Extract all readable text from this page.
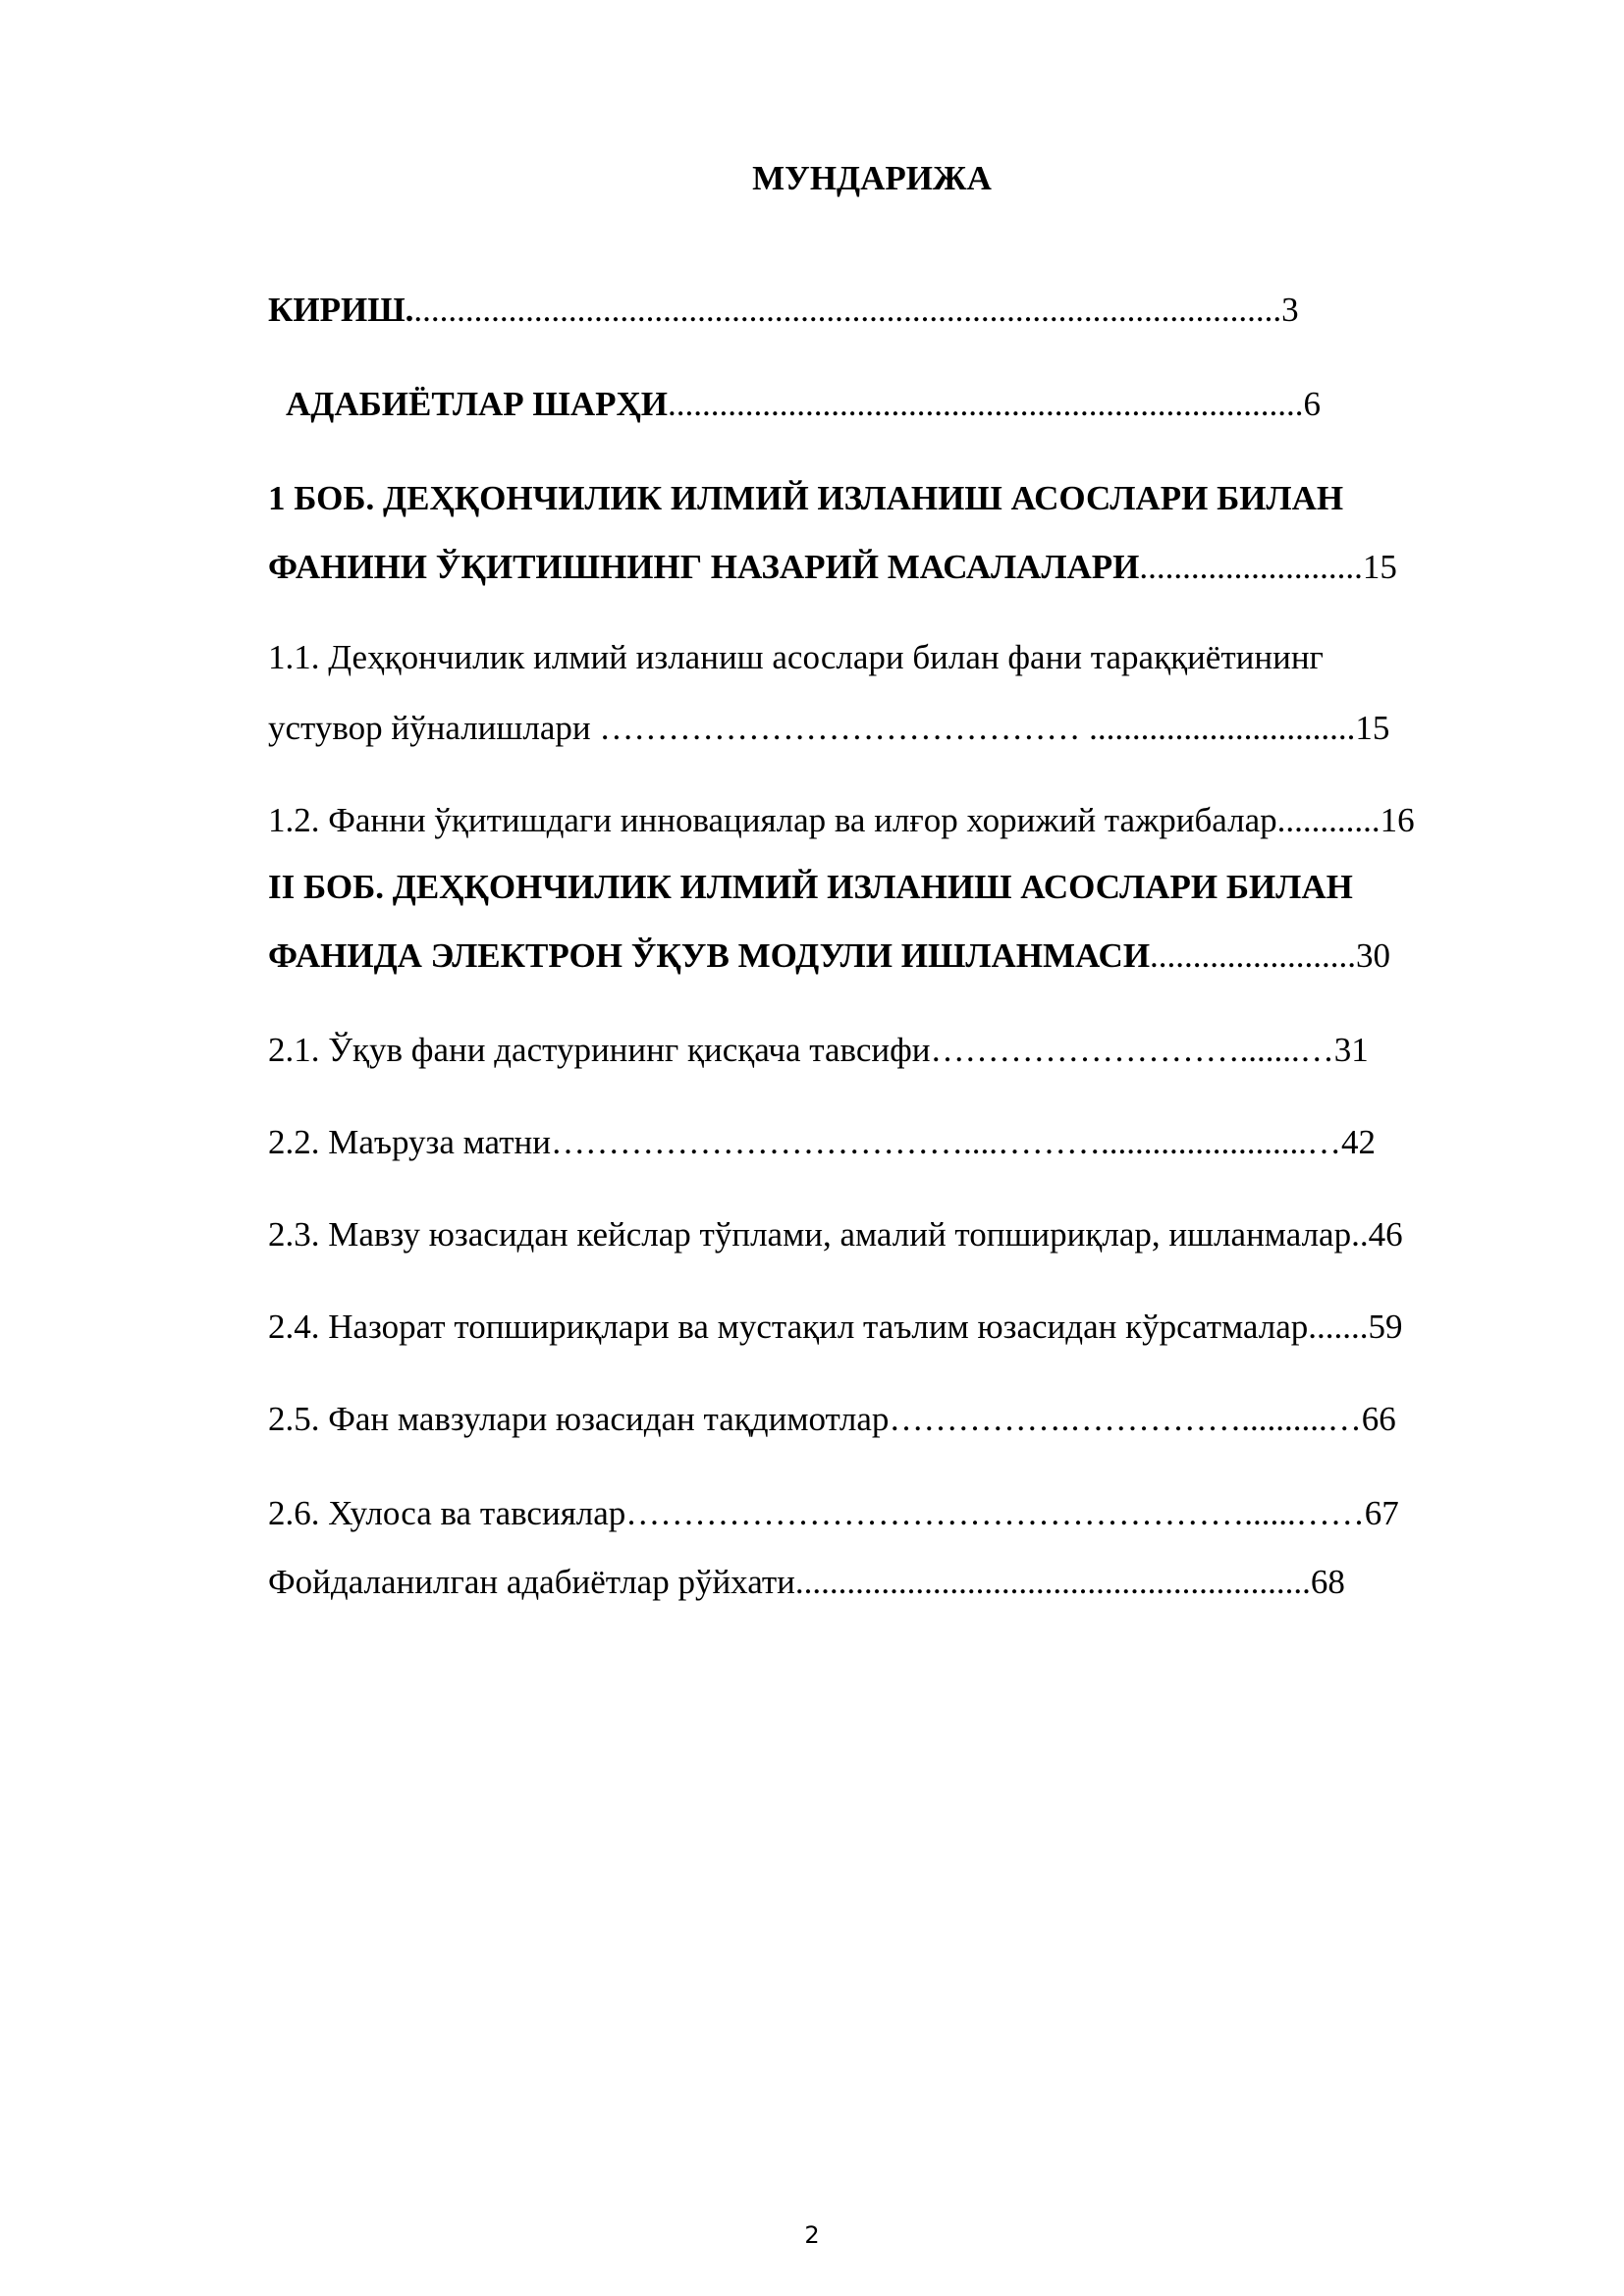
МУНДАРИЖА

КИРИШ......................................................................................................3

АДАБИЁТЛАР ШАРҲИ..........................................................................6

1 БОБ. ДЕҲҚОНЧИЛИК ИЛМИЙ ИЗЛАНИШ АСОСЛАРИ БИЛАН

ФАНИНИ ЎҚИТИШНИНГ НАЗАРИЙ МАСАЛАЛАРИ..........................15

1.1. Деҳқончилик илмий изланиш асослари билан фани тараққиётининг

устувор йўналишлари …………………………………… ...............................15

1.2. Фанни ўқитишдаги инновациялар ва илғор хорижий тажрибалар............16

II БОБ. ДЕҲҚОНЧИЛИК ИЛМИЙ ИЗЛАНИШ АСОСЛАРИ БИЛАН

ФАНИДА ЭЛЕКТРОН ЎҚУВ МОДУЛИ ИШЛАНМАСИ........................30

2.1. Ўқув фани дастурининг қисқача тавсифи……………………….......…31

2.2. Маъруза матни………………………………....………........................…42

2.3. Мавзу юзасидан кейслар тўплами, амалий топшириқлар, ишланмалар..46

2.4. Назорат топшириқлари ва мустақил таълим юзасидан кўрсатмалар.......59

2.5. Фан мавзулари юзасидан тақдимотлар…………….……………..........…66

2.6. Хулоса ва тавсиялар………………………………………………......……67

Фойдаланилган адабиётлар рўйхати............................................................68

2
